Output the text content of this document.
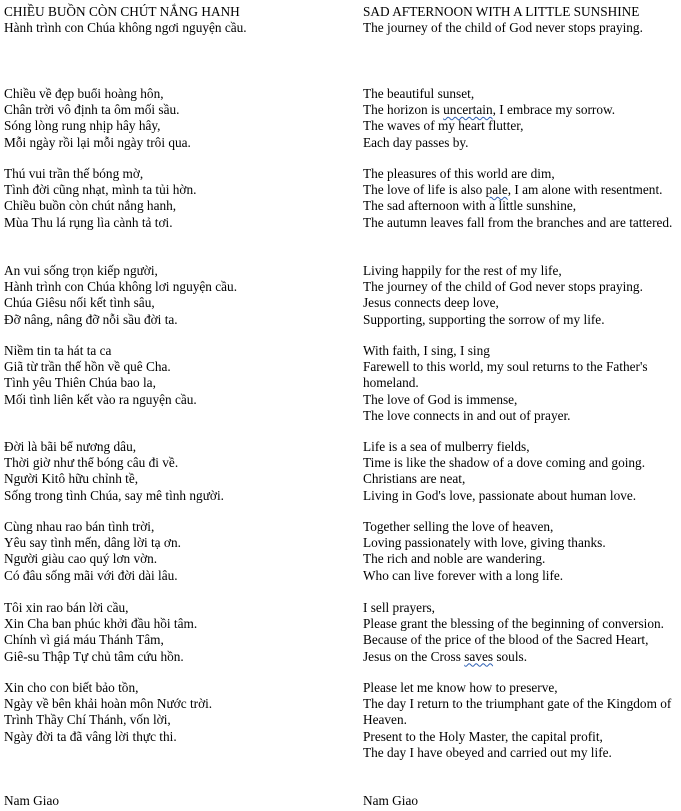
CHIỀU BUỒN CÒN CHÚT NẮNG HANH
Hành trình con Chúa không ngơi nguyện cầu.
Chiều về đẹp buổi hoàng hôn,
Chân trời vô định ta ôm mối sầu.
Sóng lòng rung nhịp hây hây,
Mỗi ngày rồi lại mỗi ngày trôi qua.
Thú vui trần thế bóng mờ,
Tình đời cũng nhạt, mình ta tủi hờn.
Chiều buồn còn chút nắng hanh,
Mùa Thu lá rụng lìa cành tả tơi.
An vui sống trọn kiếp người,
Hành trình con Chúa không lơi nguyện cầu.
Chúa Giêsu nối kết tình sâu,
Đỡ nâng, nâng đỡ nỗi sầu đời ta.
Niềm tin ta hát ta ca
Giã từ trần thế hồn về quê Cha.
Tình yêu Thiên Chúa bao la,
Mối tình liên kết vào ra nguyện cầu.
Đời là bãi bể nương dâu,
Thời giờ như thể bóng câu đi về.
Người Kitô hữu chỉnh tề,
Sống trong tình Chúa, say mê tình người.
Cùng nhau rao bán tình trời,
Yêu say tình mến, dâng lời tạ ơn.
Người giàu cao quý lơn vờn.
Có đâu sống mãi với đời dài lâu.
Tôi xin rao bán lời cầu,
Xin Cha ban phúc khởi đầu hồi tâm.
Chính vì giá máu Thánh Tâm,
Giê-su Thập Tự chủ tâm cứu hồn.
Xin cho con biết bảo tồn,
Ngày về bên khải hoàn môn Nước trời.
Trình Thầy Chí Thánh, vốn lời,
Ngày đời ta đã vâng lời thực thi.
Nam Giao
SAD AFTERNOON WITH A LITTLE SUNSHINE
The journey of the child of God never stops praying.
The beautiful sunset,
The horizon is uncertain, I embrace my sorrow.
The waves of my heart flutter,
Each day passes by.
The pleasures of this world are dim,
The love of life is also pale, I am alone with resentment.
The sad afternoon with a little sunshine,
The autumn leaves fall from the branches and are tattered.
Living happily for the rest of my life,
The journey of the child of God never stops praying.
Jesus connects deep love,
Supporting, supporting the sorrow of my life.
With faith, I sing, I sing
Farewell to this world, my soul returns to the Father's homeland.
The love of God is immense,
The love connects in and out of prayer.
Life is a sea of mulberry fields,
Time is like the shadow of a dove coming and going.
Christians are neat,
Living in God's love, passionate about human love.
Together selling the love of heaven,
Loving passionately with love, giving thanks.
The rich and noble are wandering.
Who can live forever with a long life.
I sell prayers,
Please grant the blessing of the beginning of conversion.
Because of the price of the blood of the Sacred Heart,
Jesus on the Cross saves souls.
Please let me know how to preserve,
The day I return to the triumphant gate of the Kingdom of Heaven.
Present to the Holy Master, the capital profit,
The day I have obeyed and carried out my life.
Nam Giao
